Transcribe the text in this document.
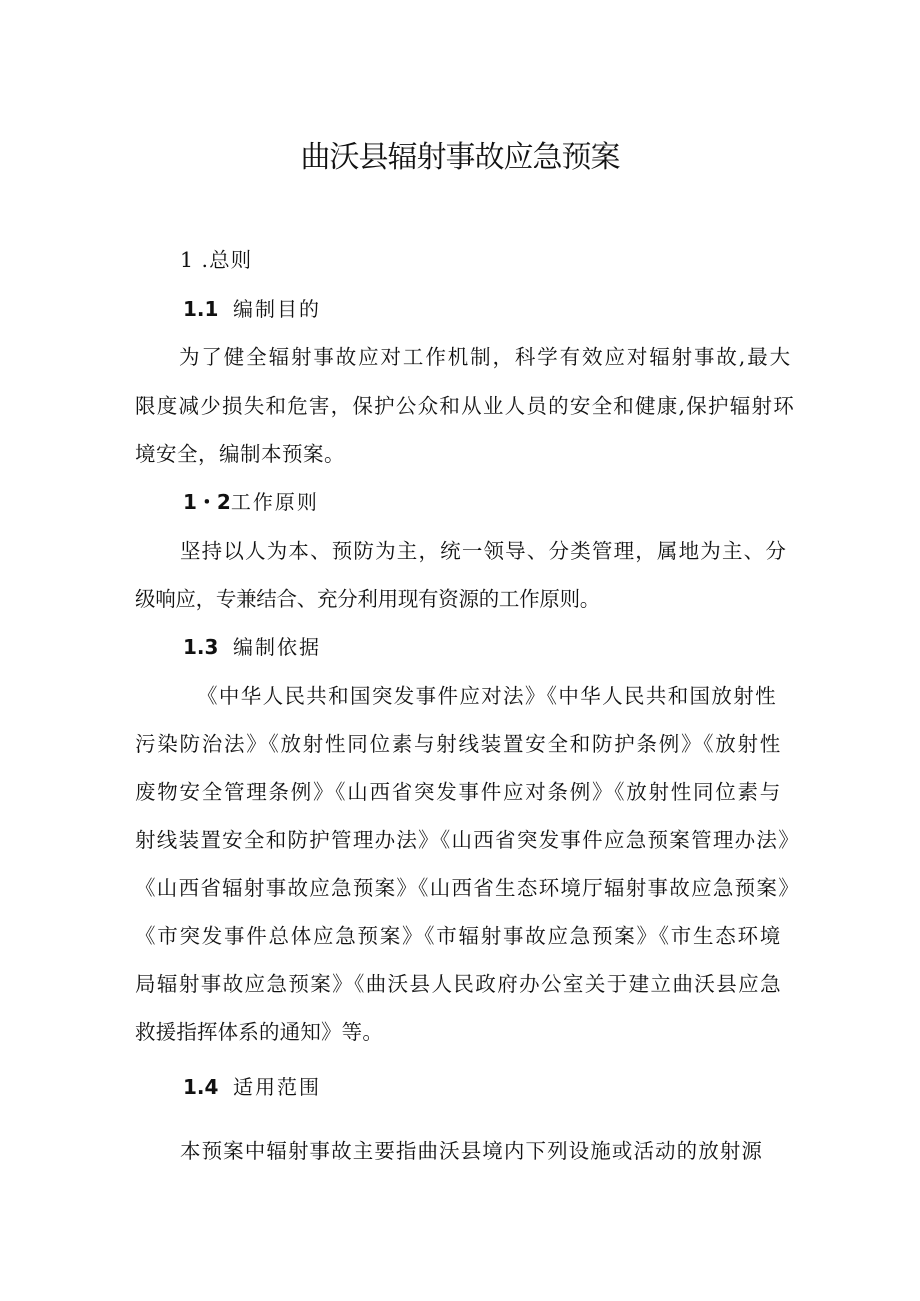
曲沃县辐射事故应急预案
1 .总则
1.1 编制目的
为了健全辐射事故应对工作机制，科学有效应对辐射事故,最大
限度减少损失和危害，保护公众和从业人员的安全和健康,保护辐射环
境安全，编制本预案。
1・2工作原则
坚持以人为本、预防为主，统一领导、分类管理，属地为主、分
级响应，专兼结合、充分利用现有资源的工作原则。
1.3 编制依据
《中华人民共和国突发事件应对法》《中华人民共和国放射性
污染防治法》《放射性同位素与射线装置安全和防护条例》《放射性
废物安全管理条例》《山西省突发事件应对条例》《放射性同位素与
射线装置安全和防护管理办法》《山西省突发事件应急预案管理办法》
《山西省辐射事故应急预案》《山西省生态环境厅辐射事故应急预案》
《市突发事件总体应急预案》《市辐射事故应急预案》《市生态环境
局辐射事故应急预案》《曲沃县人民政府办公室关于建立曲沃县应急
救援指挥体系的通知》等。
1.4 适用范围
本预案中辐射事故主要指曲沃县境内下列设施或活动的放射源
